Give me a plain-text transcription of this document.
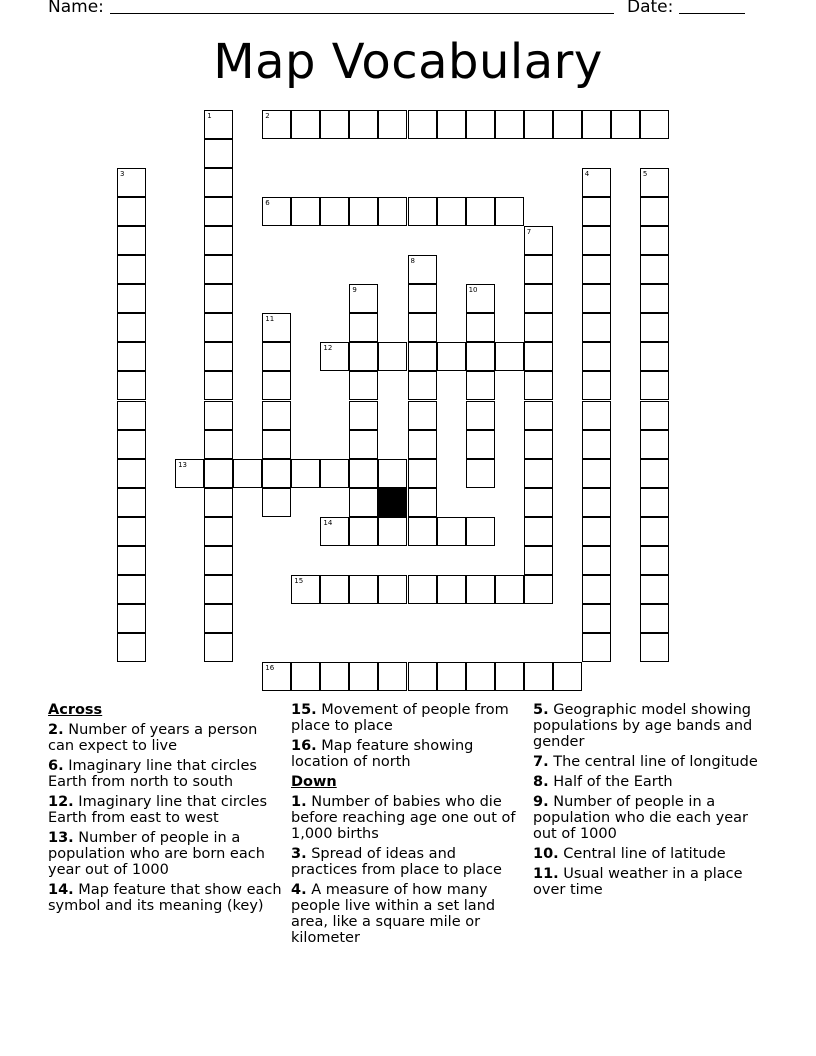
Name:	Date:
Map Vocabulary
2
6
12
13
14
15
16
1
3	4	5
7
8
9	10
11
Across
2. Number of years a person can expect to live
6. Imaginary line that circles Earth from north to south
12. Imaginary line that circles Earth from east to west
13. Number of people in a population who are born each year out of 1000
14. Map feature that show each symbol and its meaning (key)
15. Movement of people from place to place
16. Map feature showing location of north
Down
1. Number of babies who die before reaching age one out of 1,000 births
3. Spread of ideas and practices from place to place
4. A measure of how many people live within a set land area, like a square mile or kilometer
5. Geographic model showing populations by age bands and gender
7. The central line of longitude
8. Half of the Earth
9. Number of people in a population who die each year out of 1000
10. Central line of latitude
11. Usual weather in a place over time
